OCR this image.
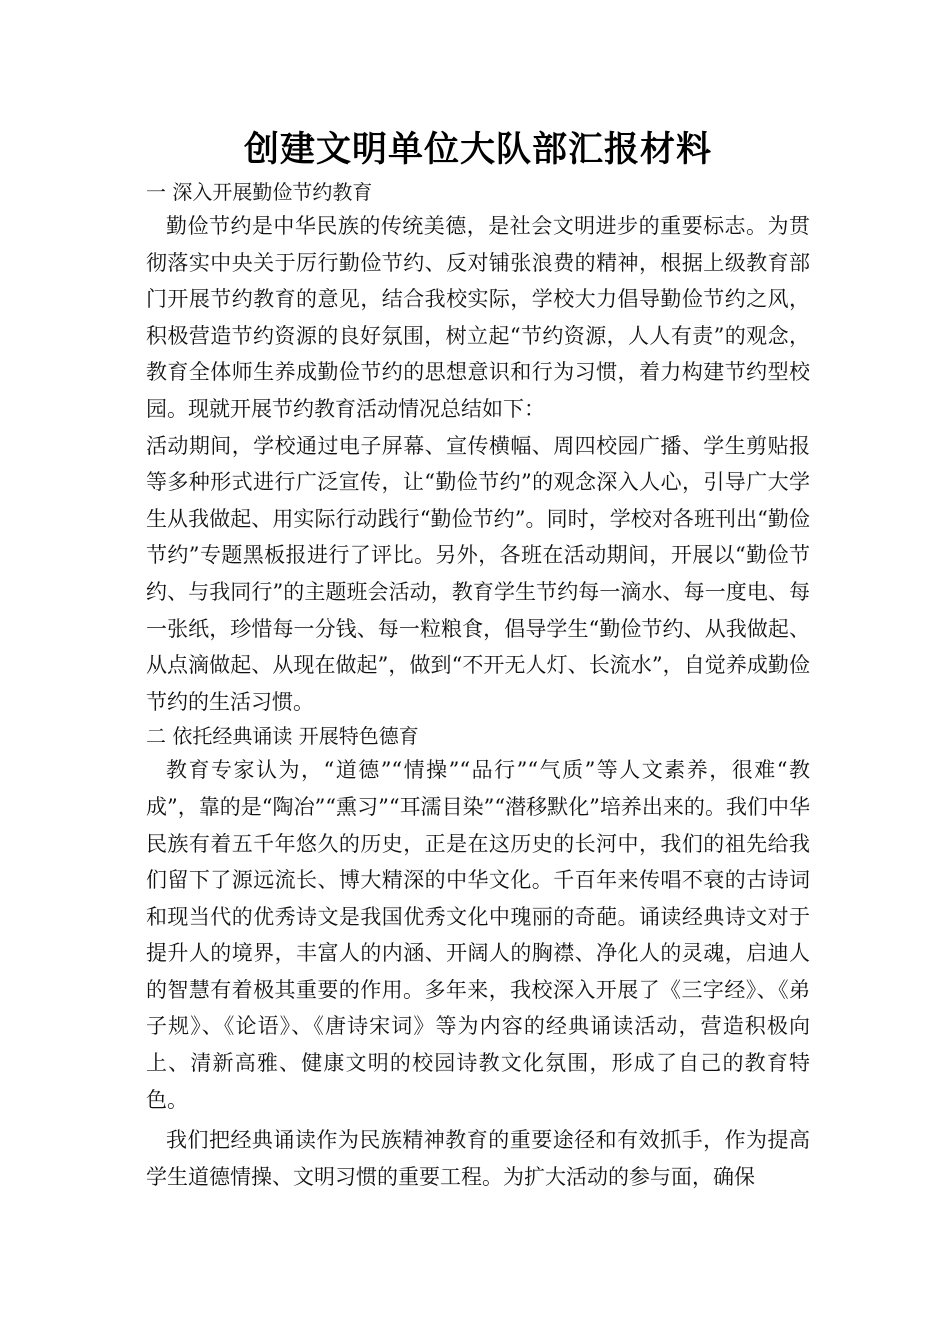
创建文明单位大队部汇报材料
一 深入开展勤俭节约教育

勤俭节约是中华民族的传统美德，是社会文明进步的重要标志。为贯彻落实中央关于厉行勤俭节约、反对铺张浪费的精神，根据上级教育部门开展节约教育的意见，结合我校实际，学校大力倡导勤俭节约之风，积极营造节约资源的良好氛围，树立起“节约资源，人人有责”的观念，教育全体师生养成勤俭节约的思想意识和行为习惯，着力构建节约型校园。现就开展节约教育活动情况总结如下：

活动期间，学校通过电子屏幕、宣传横幅、周四校园广播、学生剪贴报等多种形式进行广泛宣传，让“勤俭节约”的观念深入人心，引导广大学生从我做起、用实际行动践行“勤俭节约”。同时，学校对各班刊出“勤俭节约”专题黑板报进行了评比。另外，各班在活动期间，开展以“勤俭节约、与我同行”的主题班会活动，教育学生节约每一滴水、每一度电、每一张纸，珍惜每一分钱、每一粒粮食，倡导学生“勤俭节约、从我做起、从点滴做起、从现在做起”，做到“不开无人灯、长流水”，自觉养成勤俭节约的生活习惯。

二 依托经典诵读 开展特色德育

教育专家认为，“道德”“情操”“品行”“气质”等人文素养，很难“教成”，靠的是“陶冶”“熏习”“耳濡目染”“潜移默化”培养出来的。我们中华民族有着五千年悠久的历史，正是在这历史的长河中，我们的祖先给我们留下了源远流长、博大精深的中华文化。千百年来传唱不衰的古诗词和现当代的优秀诗文是我国优秀文化中瑰丽的奇葩。诵读经典诗文对于提升人的境界，丰富人的内涵、开阔人的胸襟、净化人的灵魂，启迪人的智慧有着极其重要的作用。多年来，我校深入开展了《三字经》、《弟子规》、《论语》、《唐诗宋词》等为内容的经典诵读活动，营造积极向上、清新高雅、健康文明的校园诗教文化氛围，形成了自己的教育特色。

我们把经典诵读作为民族精神教育的重要途径和有效抓手，作为提高学生道德情操、文明习惯的重要工程。为扩大活动的参与面，确保
